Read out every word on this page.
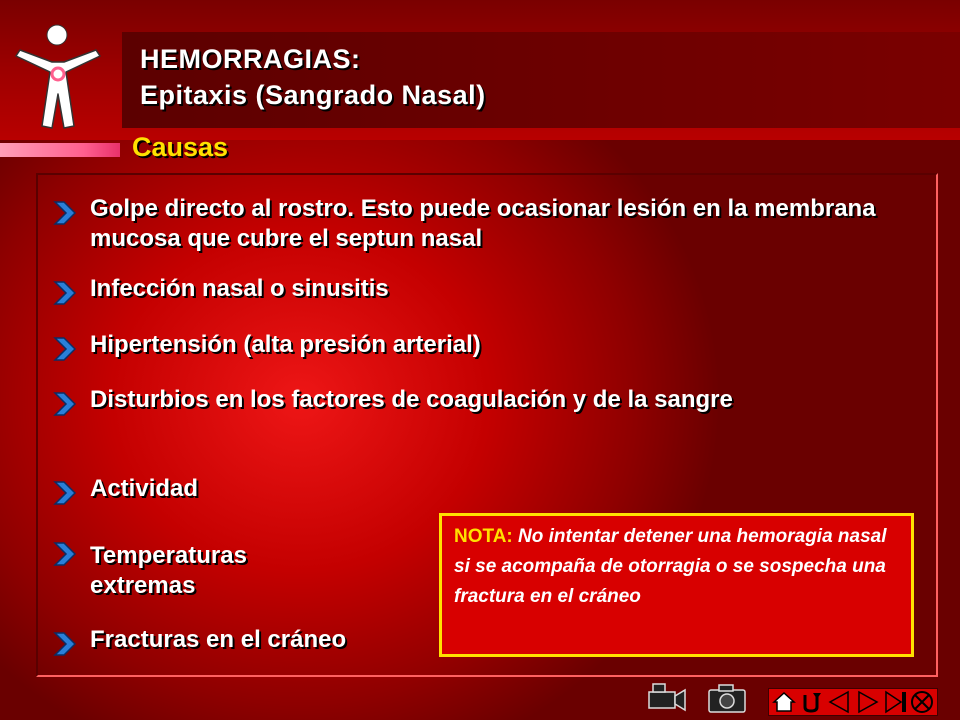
HEMORRAGIAS:
Epitaxis (Sangrado Nasal)
Causas
Golpe directo al rostro. Esto puede ocasionar lesión en la membrana mucosa que cubre el septun nasal
Infección nasal o sinusitis
Hipertensión (alta presión arterial)
Disturbios en los factores de coagulación y de la sangre
Actividad
Temperaturas extremas
Fracturas en el cráneo
NOTA: No intentar detener una hemoragia nasal si se acompaña de otorragia o se sospecha una fractura en el cráneo
